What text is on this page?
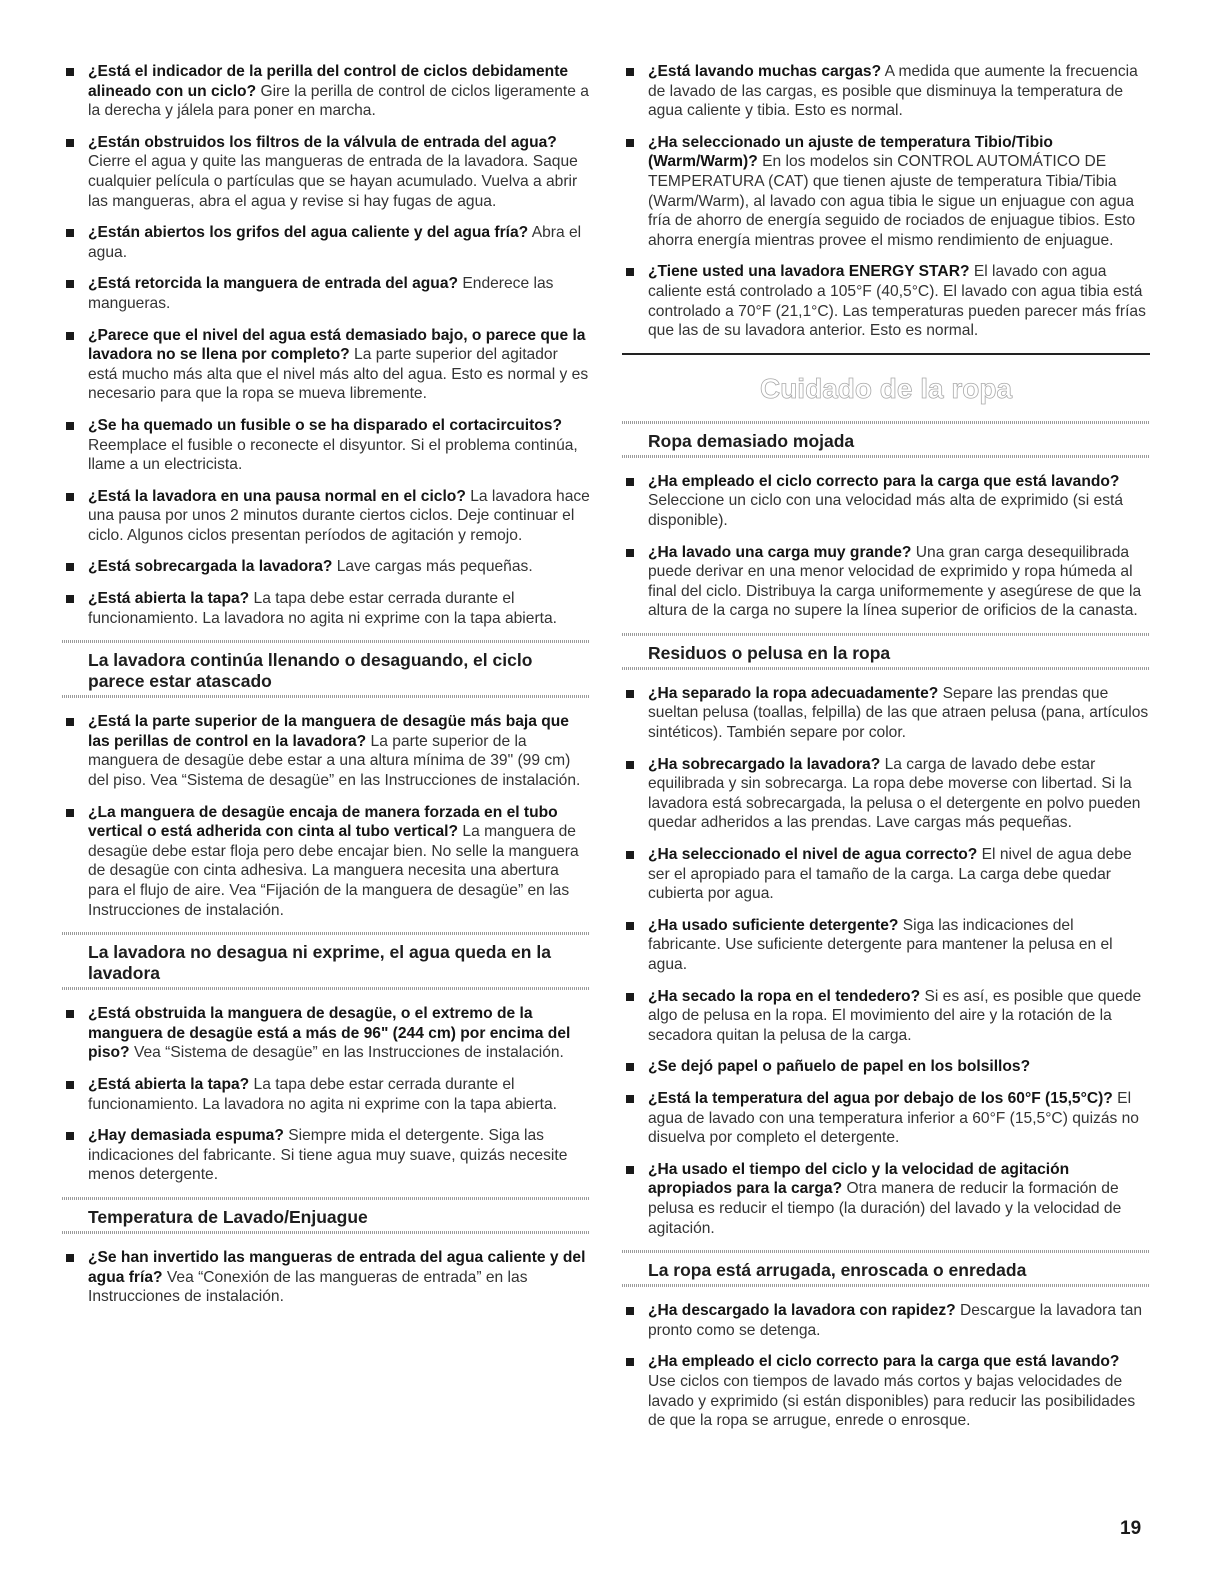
¿Está el indicador de la perilla del control de ciclos debidamente alineado con un ciclo? Gire la perilla de control de ciclos ligeramente a la derecha y jálela para poner en marcha.
¿Están obstruidos los filtros de la válvula de entrada del agua? Cierre el agua y quite las mangueras de entrada de la lavadora. Saque cualquier película o partículas que se hayan acumulado. Vuelva a abrir las mangueras, abra el agua y revise si hay fugas de agua.
¿Están abiertos los grifos del agua caliente y del agua fría? Abra el agua.
¿Está retorcida la manguera de entrada del agua? Enderece las mangueras.
¿Parece que el nivel del agua está demasiado bajo, o parece que la lavadora no se llena por completo? La parte superior del agitador está mucho más alta que el nivel más alto del agua. Esto es normal y es necesario para que la ropa se mueva libremente.
¿Se ha quemado un fusible o se ha disparado el cortacircuitos? Reemplace el fusible o reconecte el disyuntor. Si el problema continúa, llame a un electricista.
¿Está la lavadora en una pausa normal en el ciclo? La lavadora hace una pausa por unos 2 minutos durante ciertos ciclos. Deje continuar el ciclo. Algunos ciclos presentan períodos de agitación y remojo.
¿Está sobrecargada la lavadora? Lave cargas más pequeñas.
¿Está abierta la tapa? La tapa debe estar cerrada durante el funcionamiento. La lavadora no agita ni exprime con la tapa abierta.
La lavadora continúa llenando o desaguando, el ciclo parece estar atascado
¿Está la parte superior de la manguera de desagüe más baja que las perillas de control en la lavadora? La parte superior de la manguera de desagüe debe estar a una altura mínima de 39" (99 cm) del piso. Vea “Sistema de desagüe” en las Instrucciones de instalación.
¿La manguera de desagüe encaja de manera forzada en el tubo vertical o está adherida con cinta al tubo vertical? La manguera de desagüe debe estar floja pero debe encajar bien. No selle la manguera de desagüe con cinta adhesiva. La manguera necesita una abertura para el flujo de aire. Vea “Fijación de la manguera de desagüe” en las Instrucciones de instalación.
La lavadora no desagua ni exprime, el agua queda en la lavadora
¿Está obstruida la manguera de desagüe, o el extremo de la manguera de desagüe está a más de 96" (244 cm) por encima del piso? Vea “Sistema de desagüe” en las Instrucciones de instalación.
¿Está abierta la tapa? La tapa debe estar cerrada durante el funcionamiento. La lavadora no agita ni exprime con la tapa abierta.
¿Hay demasiada espuma? Siempre mida el detergente. Siga las indicaciones del fabricante. Si tiene agua muy suave, quizás necesite menos detergente.
Temperatura de Lavado/Enjuague
¿Se han invertido las mangueras de entrada del agua caliente y del agua fría? Vea “Conexión de las mangueras de entrada” en las Instrucciones de instalación.
¿Está lavando muchas cargas? A medida que aumente la frecuencia de lavado de las cargas, es posible que disminuya la temperatura de agua caliente y tibia. Esto es normal.
¿Ha seleccionado un ajuste de temperatura Tibio/Tibio (Warm/Warm)? En los modelos sin CONTROL AUTOMÁTICO DE TEMPERATURA (CAT) que tienen ajuste de temperatura Tibia/Tibia (Warm/Warm), al lavado con agua tibia le sigue un enjuague con agua fría de ahorro de energía seguido de rociados de enjuague tibios. Esto ahorra energía mientras provee el mismo rendimiento de enjuague.
¿Tiene usted una lavadora ENERGY STAR? El lavado con agua caliente está controlado a 105°F (40,5°C). El lavado con agua tibia está controlado a 70°F (21,1°C). Las temperaturas pueden parecer más frías que las de su lavadora anterior. Esto es normal.
Cuidado de la ropa
Ropa demasiado mojada
¿Ha empleado el ciclo correcto para la carga que está lavando? Seleccione un ciclo con una velocidad más alta de exprimido (si está disponible).
¿Ha lavado una carga muy grande? Una gran carga desequilibrada puede derivar en una menor velocidad de exprimido y ropa húmeda al final del ciclo. Distribuya la carga uniformemente y asegúrese de que la altura de la carga no supere la línea superior de orificios de la canasta.
Residuos o pelusa en la ropa
¿Ha separado la ropa adecuadamente? Separe las prendas que sueltan pelusa (toallas, felpilla) de las que atraen pelusa (pana, artículos sintéticos). También separe por color.
¿Ha sobrecargado la lavadora? La carga de lavado debe estar equilibrada y sin sobrecarga. La ropa debe moverse con libertad. Si la lavadora está sobrecargada, la pelusa o el detergente en polvo pueden quedar adheridos a las prendas. Lave cargas más pequeñas.
¿Ha seleccionado el nivel de agua correcto? El nivel de agua debe ser el apropiado para el tamaño de la carga. La carga debe quedar cubierta por agua.
¿Ha usado suficiente detergente? Siga las indicaciones del fabricante. Use suficiente detergente para mantener la pelusa en el agua.
¿Ha secado la ropa en el tendedero? Si es así, es posible que quede algo de pelusa en la ropa. El movimiento del aire y la rotación de la secadora quitan la pelusa de la carga.
¿Se dejó papel o pañuelo de papel en los bolsillos?
¿Está la temperatura del agua por debajo de los 60°F (15,5°C)? El agua de lavado con una temperatura inferior a 60°F (15,5°C) quizás no disuelva por completo el detergente.
¿Ha usado el tiempo del ciclo y la velocidad de agitación apropiados para la carga? Otra manera de reducir la formación de pelusa es reducir el tiempo (la duración) del lavado y la velocidad de agitación.
La ropa está arrugada, enroscada o enredada
¿Ha descargado la lavadora con rapidez? Descargue la lavadora tan pronto como se detenga.
¿Ha empleado el ciclo correcto para la carga que está lavando? Use ciclos con tiempos de lavado más cortos y bajas velocidades de lavado y exprimido (si están disponibles) para reducir las posibilidades de que la ropa se arrugue, enrede o enrosque.
19
